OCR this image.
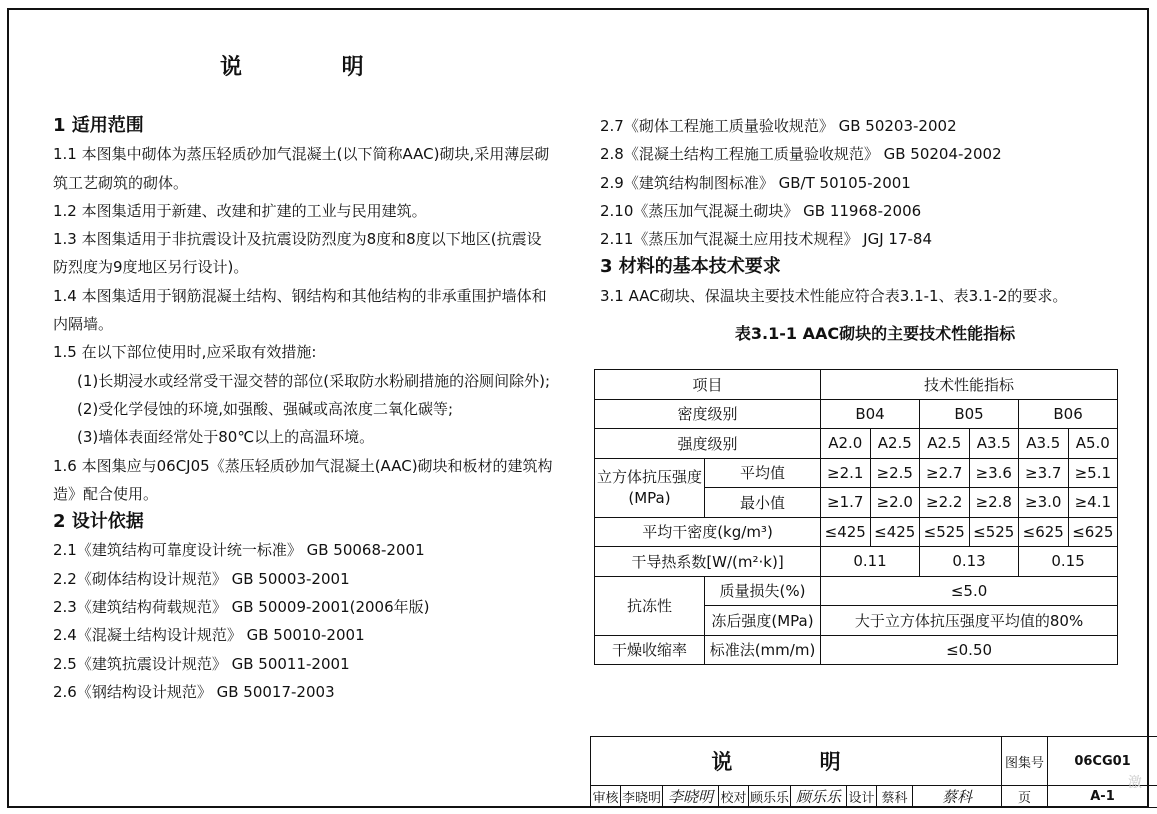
说 明
1 适用范围
1.1 本图集中砌体为蒸压轻质砂加气混凝土(以下简称AAC)砌块,采用薄层砌筑工艺砌筑的砌体。
1.2 本图集适用于新建、改建和扩建的工业与民用建筑。
1.3 本图集适用于非抗震设计及抗震设防烈度为8度和8度以下地区(抗震设防烈度为9度地区另行设计)。
1.4 本图集适用于钢筋混凝土结构、钢结构和其他结构的非承重围护墙体和内隔墙。
1.5 在以下部位使用时,应采取有效措施:
(1)长期浸水或经常受干湿交替的部位(采取防水粉刷措施的浴厕间除外);
(2)受化学侵蚀的环境,如强酸、强碱或高浓度二氧化碳等;
(3)墙体表面经常处于80℃以上的高温环境。
1.6 本图集应与06CJ05《蒸压轻质砂加气混凝土(AAC)砌块和板材的建筑构造》配合使用。
2 设计依据
2.1《建筑结构可靠度设计统一标准》 GB 50068-2001
2.2《砌体结构设计规范》 GB 50003-2001
2.3《建筑结构荷载规范》 GB 50009-2001(2006年版)
2.4《混凝土结构设计规范》 GB 50010-2001
2.5《建筑抗震设计规范》 GB 50011-2001
2.6《钢结构设计规范》 GB 50017-2003
2.7《砌体工程施工质量验收规范》 GB 50203-2002
2.8《混凝土结构工程施工质量验收规范》 GB 50204-2002
2.9《建筑结构制图标准》 GB/T 50105-2001
2.10《蒸压加气混凝土砌块》 GB 11968-2006
2.11《蒸压加气混凝土应用技术规程》 JGJ 17-84
3 材料的基本技术要求
3.1 AAC砌块、保温块主要技术性能应符合表3.1-1、表3.1-2的要求。
表3.1-1 AAC砌块的主要技术性能指标
项目		技术性能指标					
密度级别		B04		B05		B06	
强度级别		A2.0	A2.5	A2.5	A3.5	A3.5	A5.0

立方体抗压强度
(MPa)	平均值	≥2.1	≥2.5	≥2.7	≥3.6	≥3.7	≥5.1
	最小值	≥1.7	≥2.0	≥2.2	≥2.8	≥3.0	≥4.1
平均干密度(kg/m³)		≤425	≤425	≤525	≤525	≤625	≤625
干导热系数[W/(m²·k)]		0.11		0.13		0.15	
抗冻性	质量损失(%)	≤5.0					
	冻后强度(MPa)	大于立方体抗压强度平均值的80%					
干燥收缩率	标准法(mm/m)	≤0.50					
说 明									图集号	06CG01
审核	李晓明	李晓明	校对	顾乐乐	顾乐乐	设计	蔡科	蔡科	页	A-1
激
